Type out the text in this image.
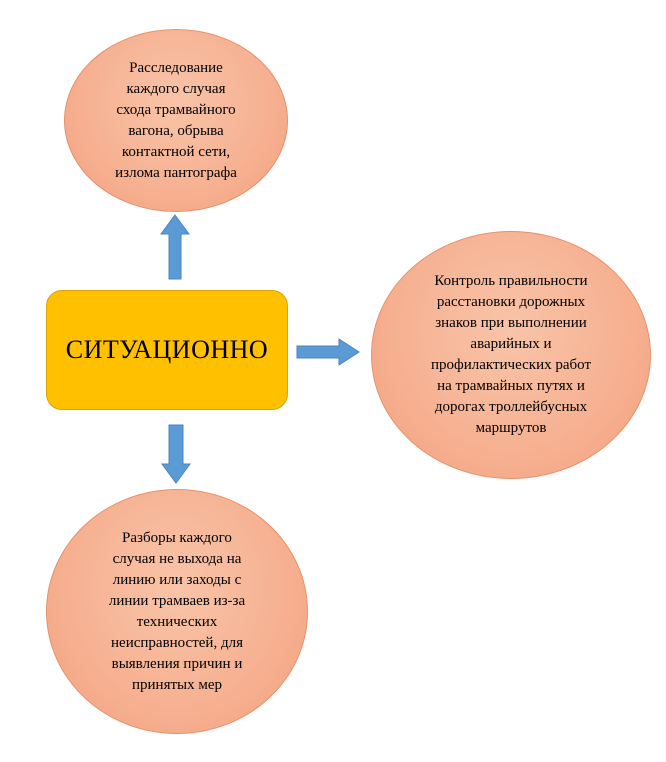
Расследование
каждого случая
схода трамвайного
вагона, обрыва
контактной сети,
излома пантографа
Контроль правильности
расстановки дорожных
знаков при выполнении
аварийных и
профилактических работ
на трамвайных путях и
дорогах троллейбусных
маршрутов
Разборы каждого
случая не выхода на
линию или заходы с
линии трамваев из-за
технических
неисправностей, для
выявления причин и
принятых мер
СИТУАЦИОННО
